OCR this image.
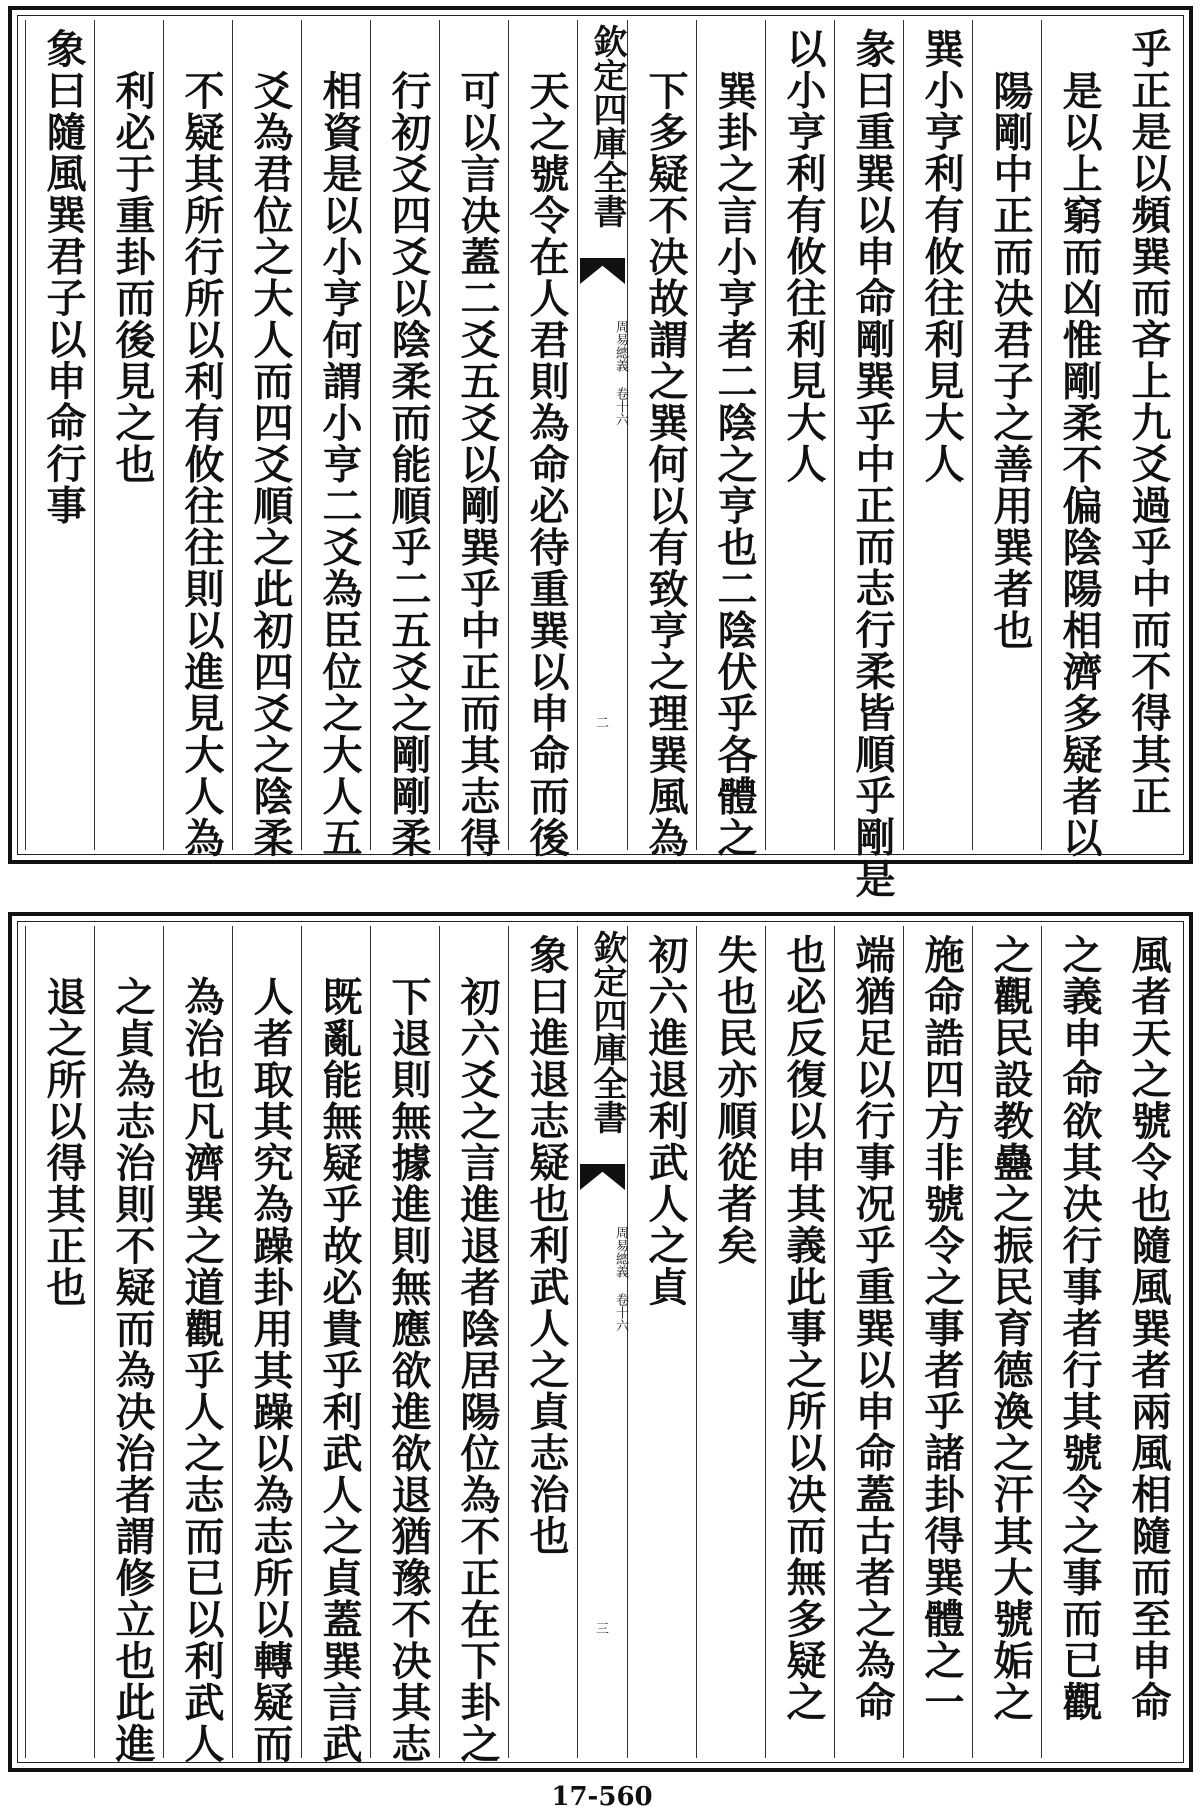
乎正是以頻巽而吝上九爻過乎中而不得其正
是以上窮而凶惟剛柔不偏陰陽相濟多疑者以
陽剛中正而决君子之善用巽者也
巽小亨利有攸往利見大人
彖曰重巽以申命剛巽乎中正而志行柔皆順乎剛是
以小亨利有攸往利見大人
巽卦之言小亨者二陰之亨也二陰伏乎各體之
下多疑不决故謂之巽何以有致亨之理巽風為
欽定四庫全書
周易總義 卷十六
二
天之號令在人君則為命必待重巽以申命而後
可以言决蓋二爻五爻以剛巽乎中正而其志得
行初爻四爻以陰柔而能順乎二五爻之剛剛柔
相資是以小亨何謂小亨二爻為臣位之大人五
爻為君位之大人而四爻順之此初四爻之陰柔
不疑其所行所以利有攸往往則以進見大人為
利必于重卦而後見之也
象曰隨風巽君子以申命行事
風者天之號令也隨風巽者兩風相隨而至申命
之義申命欲其决行事者行其號令之事而已觀
之觀民設教蠱之振民育德渙之汗其大號姤之
施命誥四方非號令之事者乎諸卦得巽體之一
端猶足以行事况乎重巽以申命蓋古者之為命
也必反復以申其義此事之所以决而無多疑之
失也民亦順從者矣
初六進退利武人之貞
欽定四庫全書
周易總義 卷十六
三
象曰進退志疑也利武人之貞志治也
初六爻之言進退者陰居陽位為不正在下卦之
下退則無據進則無應欲進欲退猶豫不决其志
既亂能無疑乎故必貴乎利武人之貞蓋巽言武
人者取其究為躁卦用其躁以為志所以轉疑而
為治也凡濟巽之道觀乎人之志而已以利武人
之貞為志治則不疑而為决治者謂修立也此進
退之所以得其正也
17-560
